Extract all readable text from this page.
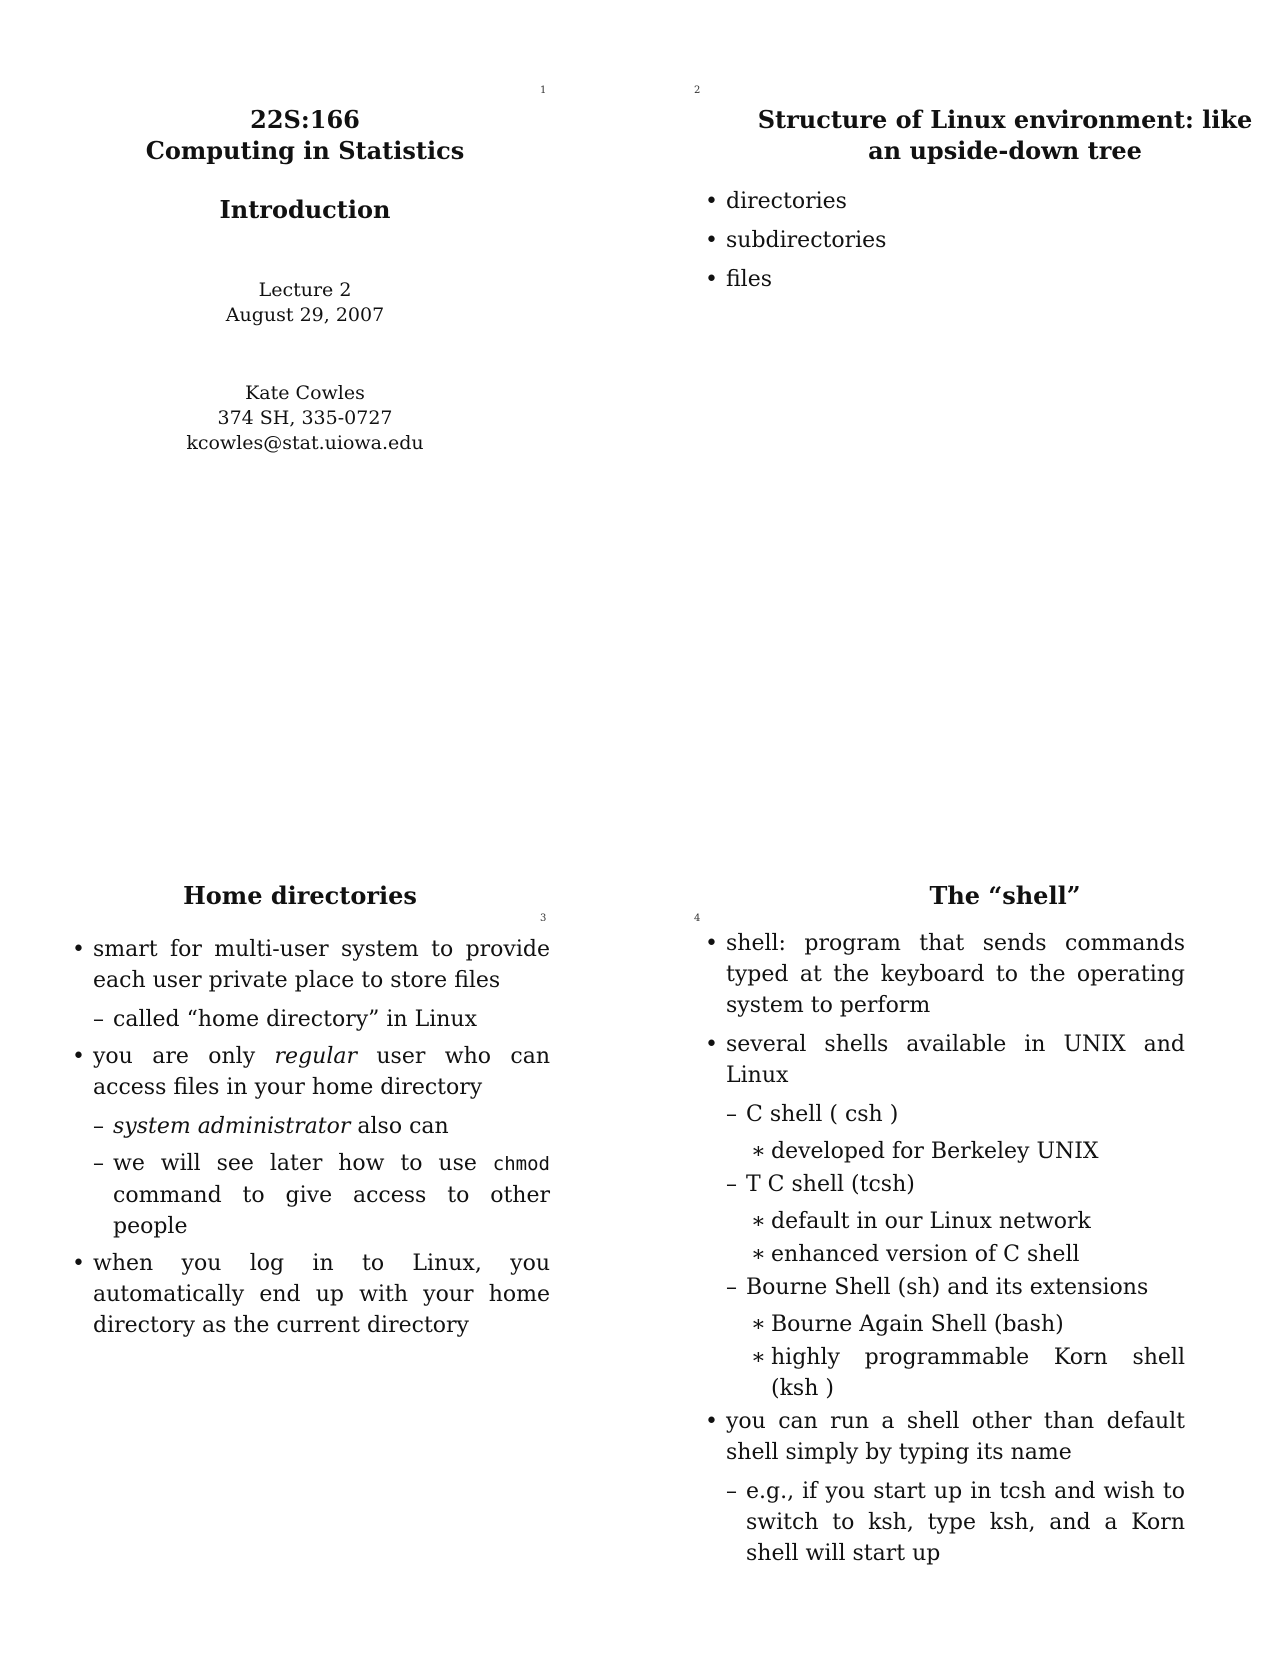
1
22S:166
Computing in Statistics
Introduction
Lecture 2
August 29, 2007
Kate Cowles
374 SH, 335-0727
kcowles@stat.uiowa.edu
2
Structure of Linux environment: like
an upside-down tree
• directories
• subdirectories
• files
3
Home directories
• smart for multi-user system to provide each user private place to store files
– called “home directory” in Linux
• you are only regular user who can access files in your home directory
– system administrator also can
– we will see later how to use chmod command to give access to other people
• when you log in to Linux, you automatically end up with your home directory as the current directory
4
The “shell”
• shell: program that sends commands typed at the keyboard to the operating system to perform
• several shells available in UNIX and Linux
– C shell ( csh )
∗ developed for Berkeley UNIX
– T C shell (tcsh)
∗ default in our Linux network
∗ enhanced version of C shell
– Bourne Shell (sh) and its extensions
∗ Bourne Again Shell (bash)
∗ highly programmable Korn shell (ksh )
• you can run a shell other than default shell simply by typing its name
– e.g., if you start up in tcsh and wish to switch to ksh, type ksh, and a Korn shell will start up
